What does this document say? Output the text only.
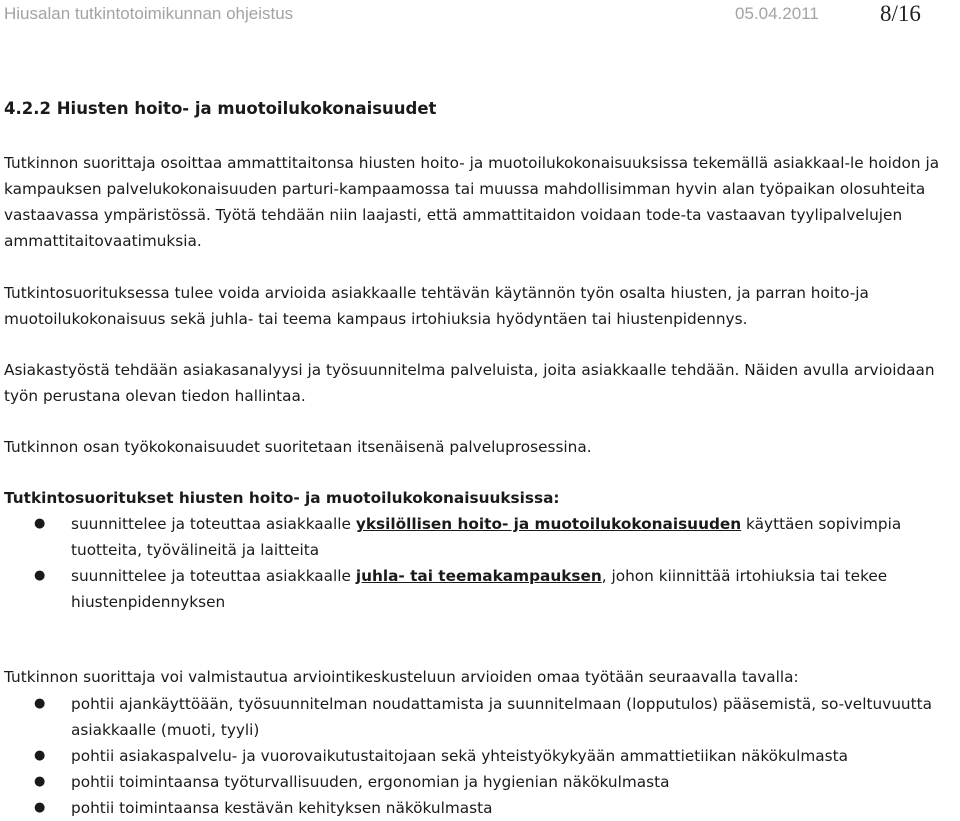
Hiusalan tutkintotoimikunnan ohjeistus	05.04.2011	8/16
4.2.2 Hiusten hoito- ja muotoilukokonaisuudet

Tutkinnon suorittaja osoittaa ammattitaitonsa hiusten hoito- ja muotoilukokonaisuuksissa tekemällä asiakkaal-le hoidon ja kampauksen palvelukokonaisuuden parturi-kampaamossa tai muussa mahdollisimman hyvin alan työpaikan olosuhteita vastaavassa ympäristössä. Työtä tehdään niin laajasti, että ammattitaidon voidaan tode-ta vastaavan tyylipalvelujen ammattitaitovaatimuksia.

Tutkintosuorituksessa tulee voida arvioida asiakkaalle tehtävän käytännön työn osalta hiusten, ja parran hoito-ja muotoilukokonaisuus sekä juhla- tai teema kampaus irtohiuksia hyödyntäen tai hiustenpidennys.

Asiakastyöstä tehdään asiakasanalyysi ja työsuunnitelma palveluista, joita asiakkaalle tehdään. Näiden avulla arvioidaan työn perustana olevan tiedon hallintaa.

Tutkinnon osan työkokonaisuudet suoritetaan itsenäisenä palveluprosessina.

Tutkintosuoritukset hiusten hoito- ja muotoilukokonaisuuksissa:

● suunnittelee ja toteuttaa asiakkaalle yksilöllisen hoito- ja muotoilukokonaisuuden käyttäen sopivimpia tuotteita, työvälineitä ja laitteita
● suunnittelee ja toteuttaa asiakkaalle juhla- tai teemakampauksen, johon kiinnittää irtohiuksia tai tekee hiustenpidennyksen

Tutkinnon suorittaja voi valmistautua arviointikeskusteluun arvioiden omaa työtään seuraavalla tavalla:

● pohtii ajankäyttöään, työsuunnitelman noudattamista ja suunnitelmaan (lopputulos) pääsemistä, so-veltuvuutta asiakkaalle (muoti, tyyli)
● pohtii asiakaspalvelu- ja vuorovaikutustaitojaan sekä yhteistyökykyään ammattietiikan näkökulmasta
● pohtii toimintaansa työturvallisuuden, ergonomian ja hygienian näkökulmasta
● pohtii toimintaansa kestävän kehityksen näkökulmasta
